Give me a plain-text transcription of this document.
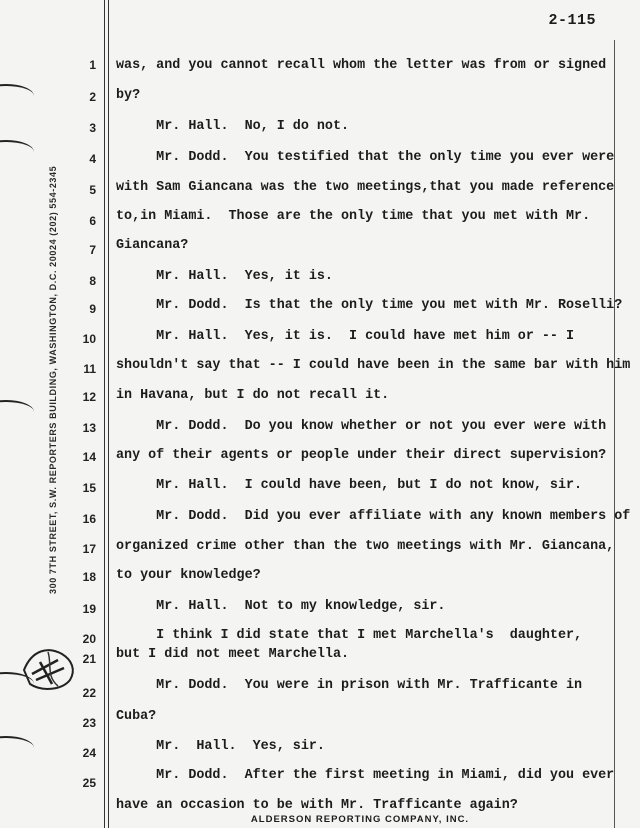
2-115
300 7TH STREET, S.W. REPORTERS BUILDING, WASHINGTON, D.C. 20024 (202) 554-2345
1
2
3
4
5
6
7
8
9
10
11
12
13
14
15
16
17
18
19
20
21
22
23
24
25
was, and you cannot recall whom the letter was from or signed
by?
Mr. Hall.  No, I do not.
Mr. Dodd.  You testified that the only time you ever were
with Sam Giancana was the two meetings,that you made reference
to,in Miami.  Those are the only time that you met with Mr.
Giancana?
Mr. Hall.  Yes, it is.
Mr. Dodd.  Is that the only time you met with Mr. Roselli?
Mr. Hall.  Yes, it is.  I could have met him or -- I
shouldn't say that -- I could have been in the same bar with him
in Havana, but I do not recall it.
Mr. Dodd.  Do you know whether or not you ever were with
any of their agents or people under their direct supervision?
Mr. Hall.  I could have been, but I do not know, sir.
Mr. Dodd.  Did you ever affiliate with any known members of
organized crime other than the two meetings with Mr. Giancana,
to your knowledge?
Mr. Hall.  Not to my knowledge, sir.
I think I did state that I met Marchella's  daughter,
but I did not meet Marchella.
Mr. Dodd.  You were in prison with Mr. Trafficante in
Cuba?
Mr.  Hall.  Yes, sir.
Mr. Dodd.  After the first meeting in Miami, did you ever
have an occasion to be with Mr. Trafficante again?
ALDERSON REPORTING COMPANY, INC.
